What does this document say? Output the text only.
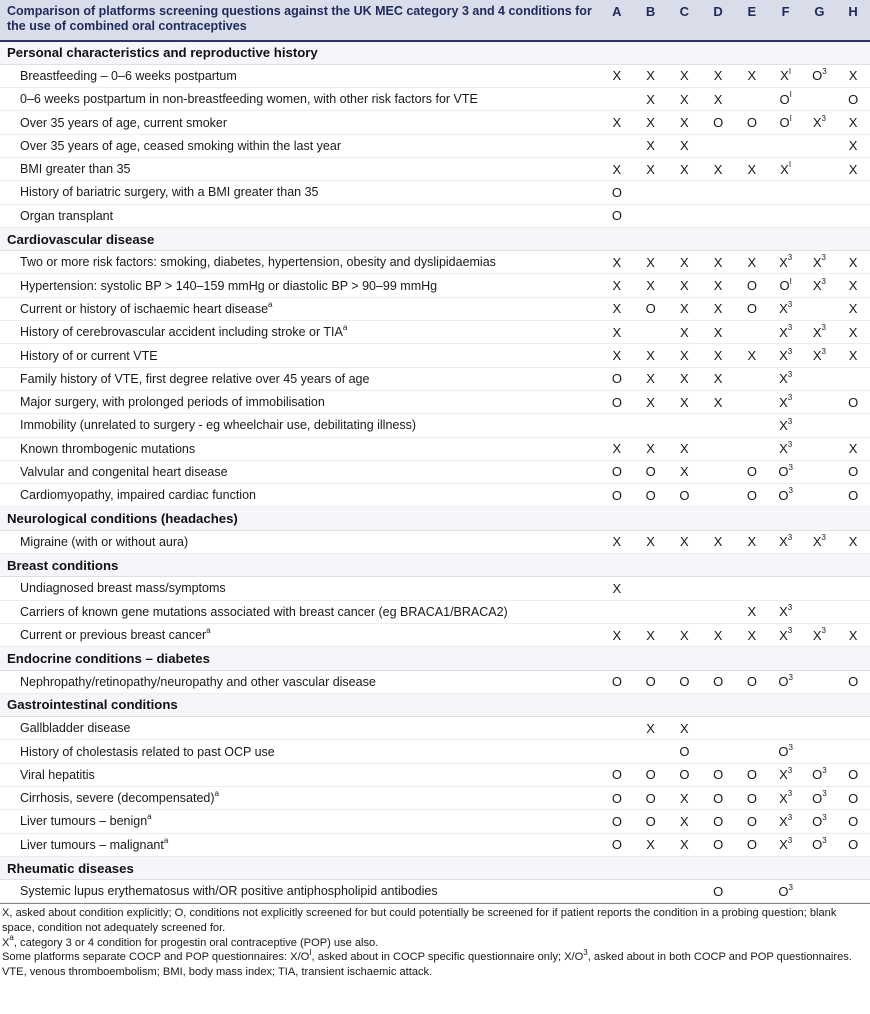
Comparison of platforms screening questions against the UK MEC category 3 and 4 conditions for the use of combined oral contraceptives	A	B	C	D	E	F	G	H
Personal characteristics and reproductive history								
Breastfeeding – 0–6 weeks postpartum	X	X	X	X	X	$X^I$	$O^3$	X
0–6 weeks postpartum in non-breastfeeding women, with other risk factors for VTE		X	X	X		$O^I$		O
Over 35 years of age, current smoker	X	X	X	O	O	$O^I$	$X^3$	X
Over 35 years of age, ceased smoking within the last year		X	X					X
BMI greater than 35	X	X	X	X	X	$X^I$		X
History of bariatric surgery, with a BMI greater than 35	O							
Organ transplant	O							
Cardiovascular disease								
Two or more risk factors: smoking, diabetes, hypertension, obesity and dyslipidaemias	X	X	X	X	X	$X^3$	$X^3$	X
Hypertension: systolic BP > 140–159 mmHg or diastolic BP > 90–99 mmHg	X	X	X	X	O	$O^I$	$X^3$	X
Current or history of ischaemic heart disease$^a$	X	O	X	X	O	$X^3$		X
History of cerebrovascular accident including stroke or TIA$^a$	X		X	X		$X^3$	$X^3$	X
History of or current VTE	X	X	X	X	X	$X^3$	$X^3$	X
Family history of VTE, first degree relative over 45 years of age	O	X	X	X		$X^3$		
Major surgery, with prolonged periods of immobilisation	O	X	X	X		$X^3$		O
Immobility (unrelated to surgery - eg wheelchair use, debilitating illness)						$X^3$		
Known thrombogenic mutations	X	X	X			$X^3$		X
Valvular and congenital heart disease	O	O	X		O	$O^3$		O
Cardiomyopathy, impaired cardiac function	O	O	O		O	$O^3$		O
Neurological conditions (headaches)								
Migraine (with or without aura)	X	X	X	X	X	$X^3$	$X^3$	X
Breast conditions								
Undiagnosed breast mass/symptoms	X							
Carriers of known gene mutations associated with breast cancer (eg BRACA1/BRACA2)					X	$X^3$		
Current or previous breast cancer$^a$	X	X	X	X	X	$X^3$	$X^3$	X
Endocrine conditions – diabetes								
Nephropathy/retinopathy/neuropathy and other vascular disease	O	O	O	O	O	$O^3$		O
Gastrointestinal conditions								
Gallbladder disease		X	X					
History of cholestasis related to past OCP use			O			$O^3$		
Viral hepatitis	O	O	O	O	O	$X^3$	$O^3$	O
Cirrhosis, severe (decompensated)$^a$	O	O	X	O	O	$X^3$	$O^3$	O
Liver tumours – benign$^a$	O	O	X	O	O	$X^3$	$O^3$	O
Liver tumours – malignant$^a$	O	X	X	O	O	$X^3$	$O^3$	O
Rheumatic diseases								
Systemic lupus erythematosus with/OR positive antiphospholipid antibodies				O		$O^3$		
X, asked about condition explicitly; O, conditions not explicitly screened for but could potentially be screened for if patient reports the condition in a probing question; blank space, condition not adequately screened for.
$X^a$, category 3 or 4 condition for progestin oral contraceptive (POP) use also.
Some platforms separate COCP and POP questionnaires: $X/O^I$, asked about in COCP specific questionnaire only; $X/O^3$, asked about in both COCP and POP questionnaires.
VTE, venous thromboembolism; BMI, body mass index; TIA, transient ischaemic attack.
